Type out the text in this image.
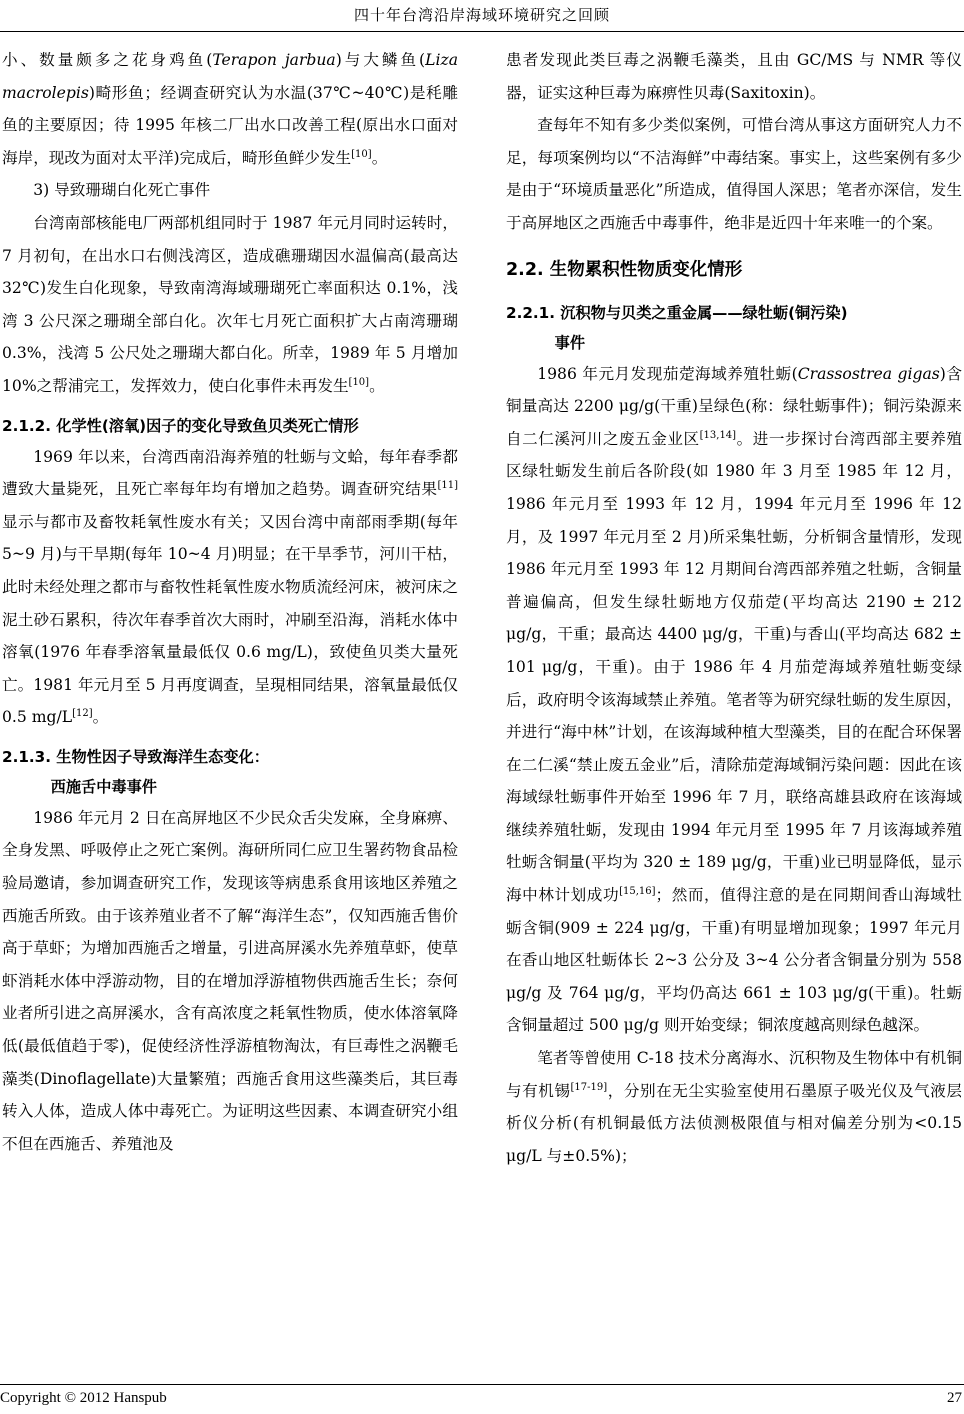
四十年台湾沿岸海域环境研究之回顾

小、数量颇多之花身鸡鱼(Terapon jarbua)与大鳞鱼(Liza macrolepis)畸形鱼；经调查研究认为水温(37℃~40℃)是秏雕鱼的主要原因；待 1995 年核二厂出水口改善工程(原出水口面对海岸，现改为面对太平洋)完成后，畸形鱼鲜少发生[10]。

3) 导致珊瑚白化死亡事件

台湾南部核能电厂两部机组同时于 1987 年元月同时运转时，7 月初旬，在出水口右侧浅湾区，造成礁珊瑚因水温偏高(最高达 32℃)发生白化现象，导致南湾海域珊瑚死亡率面积达 0.1%，浅湾 3 公尺深之珊瑚全部白化。次年七月死亡面积扩大占南湾珊瑚 0.3%，浅湾 5 公尺处之珊瑚大都白化。所幸，1989 年 5 月增加 10%之帮浦完工，发挥效力，使白化事件未再发生[10]。

2.1.2. 化学性(溶氧)因子的变化导致鱼贝类死亡情形

1969 年以来，台湾西南沿海养殖的牡蛎与文蛤，每年春季都遭致大量毙死，且死亡率每年均有增加之趋势。调查研究结果[11]显示与都市及畜牧耗氧性废水有关；又因台湾中南部雨季期(每年 5~9 月)与干旱期(每年 10~4 月)明显；在干旱季节，河川干枯，此时未经处理之都市与畜牧性耗氧性废水物质流经河床，被河床之泥土砂石累积，待次年春季首次大雨时，冲刷至沿海，消耗水体中溶氧(1976 年春季溶氧量最低仅 0.6 mg/L)，致使鱼贝类大量死亡。1981 年元月至 5 月再度调查，呈現相同结果，溶氧量最低仅 0.5 mg/L[12]。

2.1.3. 生物性因子导致海洋生态变化：
西施舌中毒事件

1986 年元月 2 日在高屏地区不少民众舌尖发麻，全身麻痹、全身发黑、呼吸停止之死亡案例。海研所同仁应卫生署药物食品检验局邀请，参加调查研究工作，发现该等病患系食用该地区养殖之西施舌所致。由于该养殖业者不了解“海洋生态”，仅知西施舌售价高于草虾；为增加西施舌之增量，引进高屏溪水先养殖草虾，使草虾消耗水体中浮游动物，目的在增加浮游植物供西施舌生长；奈何业者所引进之高屏溪水，含有高浓度之耗氧性物质，使水体溶氧降低(最低值趋于零)，促使经济性浮游植物淘汰，有巨毒性之涡鞭毛藻类(Dinoflagellate)大量繁殖；西施舌食用这些藻类后，其巨毒转入人体，造成人体中毒死亡。为证明这些因素、本调查研究小组不但在西施舌、养殖池及

患者发现此类巨毒之涡鞭毛藻类，且由 GC/MS 与 NMR 等仪器，证实这种巨毒为麻痹性贝毒(Saxitoxin)。

查每年不知有多少类似案例，可惜台湾从事这方面研究人力不足，每项案例均以“不洁海鲜”中毒结案。事实上，这些案例有多少是由于“环境质量恶化”所造成，值得国人深思；笔者亦深信，发生于高屏地区之西施舌中毒事件，绝非是近四十年来唯一的个案。

2.2. 生物累积性物质变化情形
2.2.1. 沉积物与贝类之重金属——绿牡蛎(铜污染)
事件

1986 年元月发现茄萣海域养殖牡蛎(Crassostrea gigas)含铜量高达 2200 μg/g(干重)呈绿色(称：绿牡蛎事件)；铜污染源来自二仁溪河川之废五金业区[13,14]。进一步探讨台湾西部主要养殖区绿牡蛎发生前后各阶段(如 1980 年 3 月至 1985 年 12 月，1986 年元月至 1993 年 12 月，1994 年元月至 1996 年 12 月，及 1997 年元月至 2 月)所采集牡蛎，分析铜含量情形，发现 1986 年元月至 1993 年 12 月期间台湾西部养殖之牡蛎，含铜量普遍偏高，但发生绿牡蛎地方仅茄萣(平均高达 2190 ± 212 μg/g，干重；最高达 4400 μg/g，干重)与香山(平均高达 682 ± 101 μg/g，干重)。由于 1986 年 4 月茄萣海域养殖牡蛎变绿后，政府明令该海域禁止养殖。笔者等为研究绿牡蛎的发生原因，并进行“海中林”计划，在该海域种植大型藻类，目的在配合环保署在二仁溪“禁止废五金业”后，清除茄萣海域铜污染问题：因此在该海域绿牡蛎事件开始至 1996 年 7 月，联络高雄县政府在该海域继续养殖牡蛎，发现由 1994 年元月至 1995 年 7 月该海域养殖牡蛎含铜量(平均为 320 ± 189 μg/g，干重)业已明显降低，显示海中林计划成功[15,16]；然而，值得注意的是在同期间香山海域牡蛎含铜(909 ± 224 μg/g，干重)有明显增加现象；1997 年元月在香山地区牡蛎体长 2~3 公分及 3~4 公分者含铜量分别为 558 μg/g 及 764 μg/g，平均仍高达 661 ± 103 μg/g(干重)。牡蛎含铜量超过 500 μg/g 则开始变绿；铜浓度越高则绿色越深。

笔者等曾使用 C-18 技术分离海水、沉积物及生物体中有机铜与有机锡[17-19]，分别在无尘实验室使用石墨原子吸光仪及气液层析仪分析(有机铜最低方法侦测极限值与相对偏差分别为<0.15 μg/L 与±0.5%)；

Copyright © 2012 Hanspub	27
